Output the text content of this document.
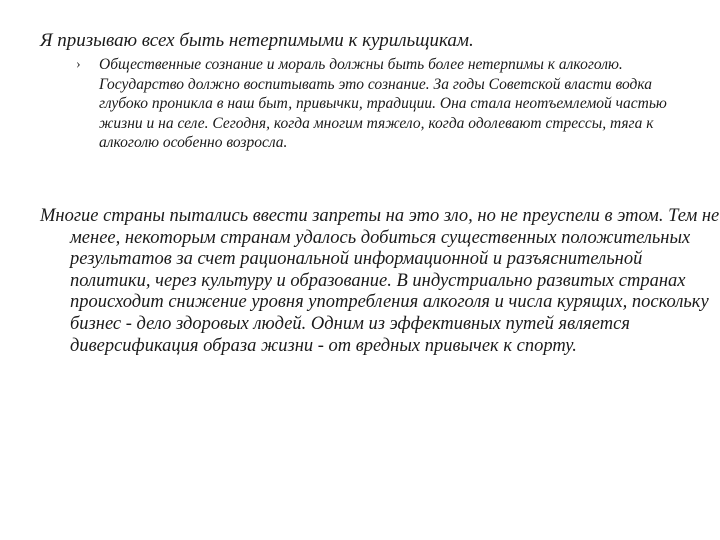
Я призываю всех быть нетерпимыми к курильщикам.
› Общественные сознание и мораль должны быть более нетерпимы к алкоголю. Государство должно воспитывать это сознание. За годы Советской власти водка глубоко проникла в наш быт, привычки, традиции. Она стала неотъемлемой частью жизни и на селе. Сегодня, когда многим тяжело, когда одолевают стрессы, тяга к алкоголю особенно возросла.

Многие страны пытались ввести запреты на это зло, но не преуспели в этом. Тем не менее, некоторым странам удалось добиться существенных положительных результатов за счет рациональной информационной и разъяснительной политики, через культуру и образование. В индустриально развитых странах происходит снижение уровня употребления алкоголя и числа курящих, поскольку бизнес - дело здоровых людей. Одним из эффективных путей является диверсификация образа жизни - от вредных привычек к спорту.
